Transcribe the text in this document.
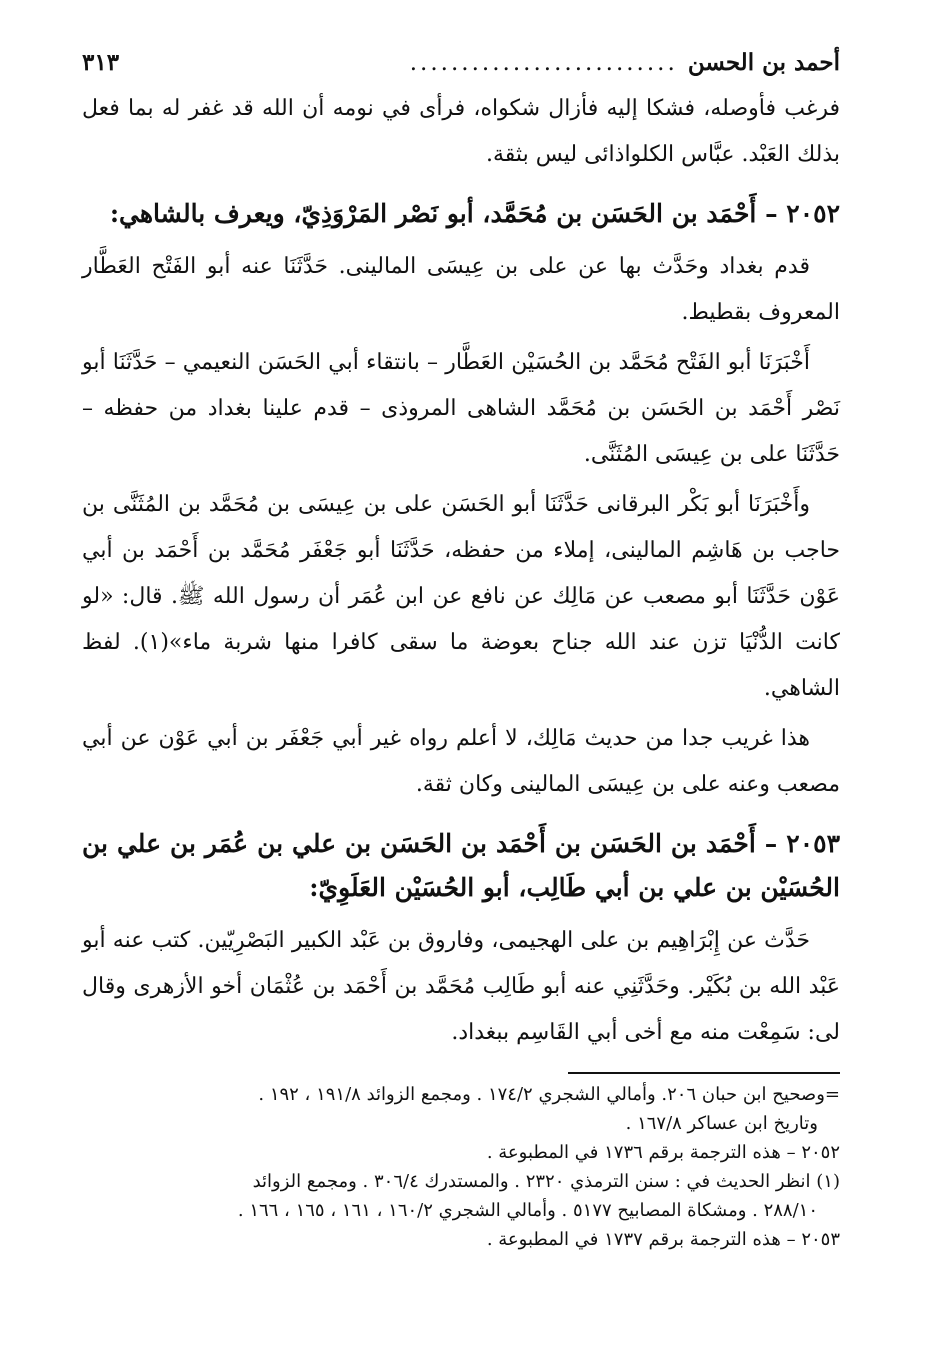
أحمد بن الحسن
..........................
٣١٣

فرغب فأوصله، فشكا إليه فأزال شكواه، فرأى في نومه أن الله قد غفر له بما فعل بذلك العَبْد. عبَّاس الكلواذائى ليس بثقة.

٢٠٥٢ – أَحْمَد بن الحَسَن بن مُحَمَّد، أبو نَصْر المَرْوَذِيّ، ويعرف بالشاهي:

قدم بغداد وحَدَّث بها عن على بن عِيسَى المالينى. حَدَّثَنَا عنه أبو الفَتْح العَطَّار المعروف بقطيط.

أَخْبَرَنَا أبو الفَتْح مُحَمَّد بن الحُسَيْن العَطَّار – بانتقاء أبي الحَسَن النعيمي – حَدَّثَنَا أبو نَصْر أَحْمَد بن الحَسَن بن مُحَمَّد الشاهى المروذى – قدم علينا بغداد من حفظه – حَدَّثَنَا على بن عِيسَى المُثَنَّى.

وأَخْبَرَنَا أبو بَكْر البرقانى حَدَّثَنَا أبو الحَسَن على بن عِيسَى بن مُحَمَّد بن المُثَنَّى بن حاجب بن هَاشِم المالينى، إملاء من حفظه، حَدَّثَنَا أبو جَعْفَر مُحَمَّد بن أَحْمَد بن أبي عَوْن حَدَّثَنَا أبو مصعب عن مَالِك عن نافع عن ابن عُمَر أن رسول الله ﷺ. قال: «لو كانت الدُّنْيَا تزن عند الله جناح بعوضة ما سقى كافرا منها شربة ماء»(١). لفظ الشاهي.

هذا غريب جدا من حديث مَالِك، لا أعلم رواه غير أبي جَعْفَر بن أبي عَوْن عن أبي مصعب وعنه على بن عِيسَى المالينى وكان ثقة.

٢٠٥٣ – أَحْمَد بن الحَسَن بن أَحْمَد بن الحَسَن بن علي بن عُمَر بن علي بن الحُسَيْن بن علي بن أبي طَالِب، أبو الحُسَيْن العَلَوِيّ:

حَدَّث عن إِبْرَاهِيم بن على الهجيمى، وفاروق بن عَبْد الكبير البَصْرِيّين. كتب عنه أبو عَبْد الله بن بُكَيْر. وحَدَّثَنِي عنه أبو طَالِب مُحَمَّد بن أَحْمَد بن عُثْمَان أخو الأزهرى وقال لى: سَمِعْت منه مع أخى أبي القَاسِم ببغداد.

=وصحيح ابن حبان ٢٠٦. وأمالي الشجري ١٧٤/٢ . ومجمع الزوائد ١٩١/٨ ، ١٩٢ .

وتاريخ ابن عساكر ١٦٧/٨ .

٢٠٥٢ – هذه الترجمة برقم ١٧٣٦ في المطبوعة .

(١) انظر الحديث في : سنن الترمذي ٢٣٢٠ . والمستدرك ٣٠٦/٤ . ومجمع الزوائد

٢٨٨/١٠ . ومشكاة المصابيح ٥١٧٧ . وأمالي الشجري ١٦٠/٢ ، ١٦١ ، ١٦٥ ، ١٦٦ .

٢٠٥٣ – هذه الترجمة برقم ١٧٣٧ في المطبوعة .
